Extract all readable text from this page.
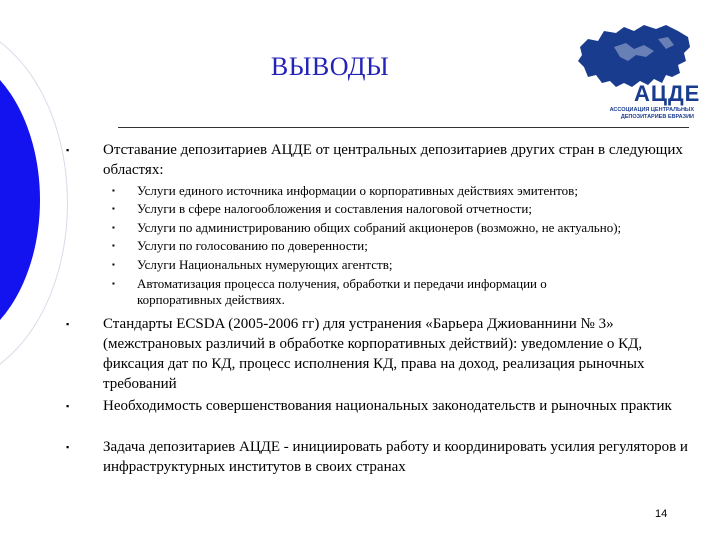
ВЫВОДЫ
АЦДЕ
АССОЦИАЦИЯ ЦЕНТРАЛЬНЫХ
ДЕПОЗИТАРИЕВ ЕВРАЗИИ
▪ Отставание депозитариев АЦДЕ от центральных депозитариев других стран в следующих областях:
▪ Услуги единого источника информации о корпоративных действиях эмитентов;
▪ Услуги в сфере налогообложения и составления налоговой отчетности;
▪ Услуги по администрированию общих собраний акционеров (возможно, не актуально);
▪ Услуги по голосованию по доверенности;
▪ Услуги Национальных нумерующих агентств;
▪ Автоматизация процесса получения, обработки и передачи информации о корпоративных действиях.
▪ Стандарты ECSDA (2005-2006 гг) для устранения «Барьера Джиованнини № 3» (межстрановых различий в обработке корпоративных действий): уведомление о КД, фиксация дат по КД, процесс исполнения КД, права на доход, реализация рыночных требований
▪ Необходимость совершенствования национальных законодательств и рыночных практик
▪ Задача депозитариев АЦДЕ - инициировать работу и координировать усилия регуляторов и инфраструктурных институтов в своих странах
14
